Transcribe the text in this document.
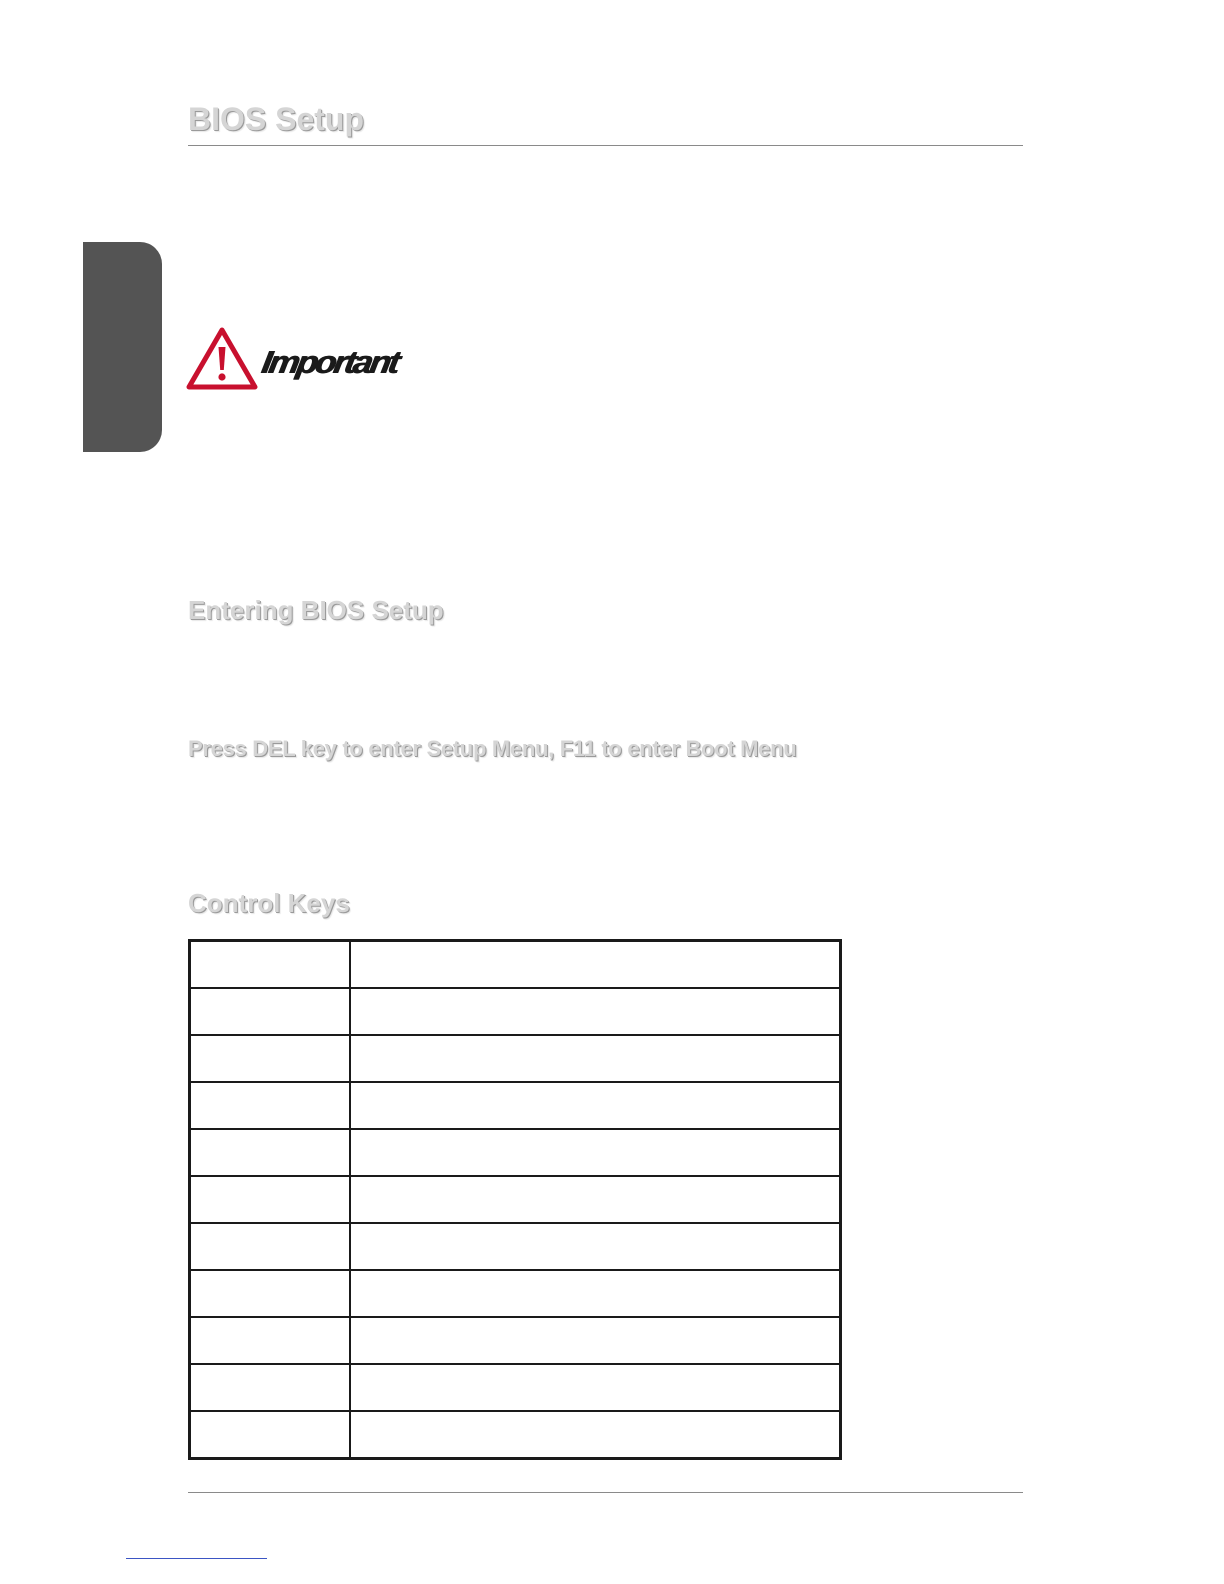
BIOS Setup
Important
Entering BIOS Setup
Press DEL key to enter Setup Menu, F11 to enter Boot Menu
Control Keys
